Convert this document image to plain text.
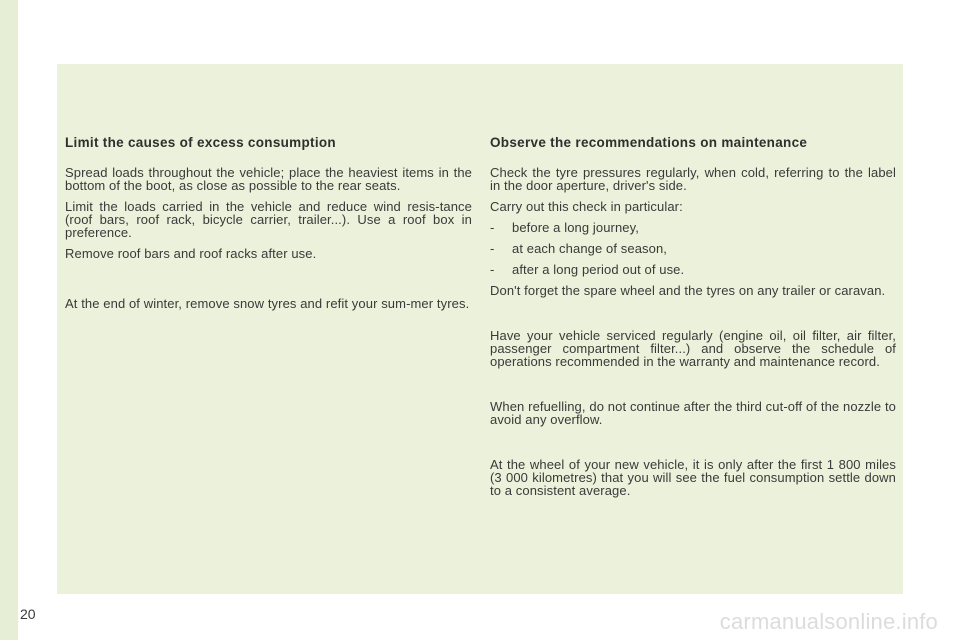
Limit the causes of excess consumption

Spread loads throughout the vehicle; place the heaviest items in the bottom of the boot, as close as possible to the rear seats.

Limit the loads carried in the vehicle and reduce wind resis-tance (roof bars, roof rack, bicycle carrier, trailer...). Use a roof box in preference.

Remove roof bars and roof racks after use.

At the end of winter, remove snow tyres and refit your sum-mer tyres.

Observe the recommendations on maintenance

Check the tyre pressures regularly, when cold, referring to the label in the door aperture, driver's side.

Carry out this check in particular:

- before a long journey,
- at each change of season,
- after a long period out of use.

Don't forget the spare wheel and the tyres on any trailer or caravan.

Have your vehicle serviced regularly (engine oil, oil filter, air filter, passenger compartment filter...) and observe the schedule of operations recommended in the warranty and maintenance record.

When refuelling, do not continue after the third cut-off of the nozzle to avoid any overflow.

At the wheel of your new vehicle, it is only after the first 1 800 miles (3 000 kilometres) that you will see the fuel consumption settle down to a consistent average.

20	carmanualsonline.info
